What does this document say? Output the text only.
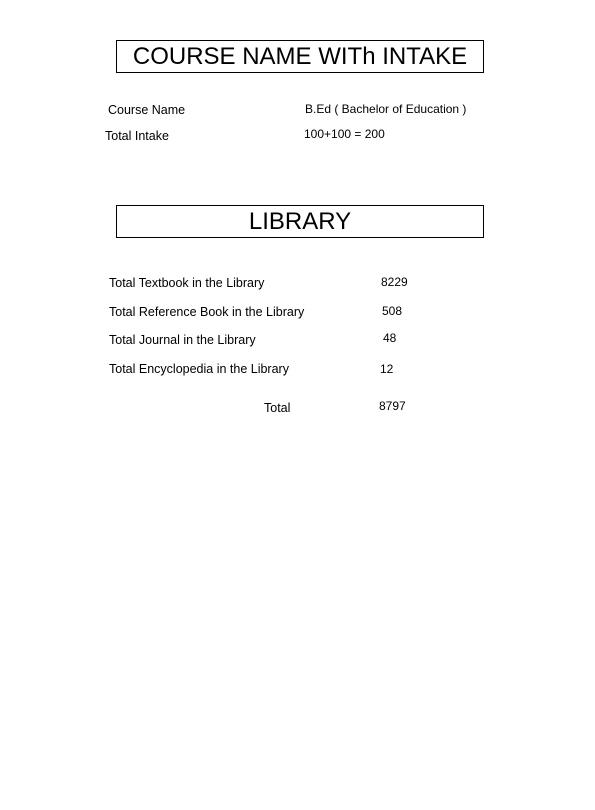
COURSE NAME WITh INTAKE
Course Name	B.Ed ( Bachelor of Education )
Total Intake	100+100 = 200
LIBRARY
Total Textbook in the Library	8229
Total Reference Book in the Library	508
Total Journal in the Library	48
Total Encyclopedia in the Library	12
Total	8797
